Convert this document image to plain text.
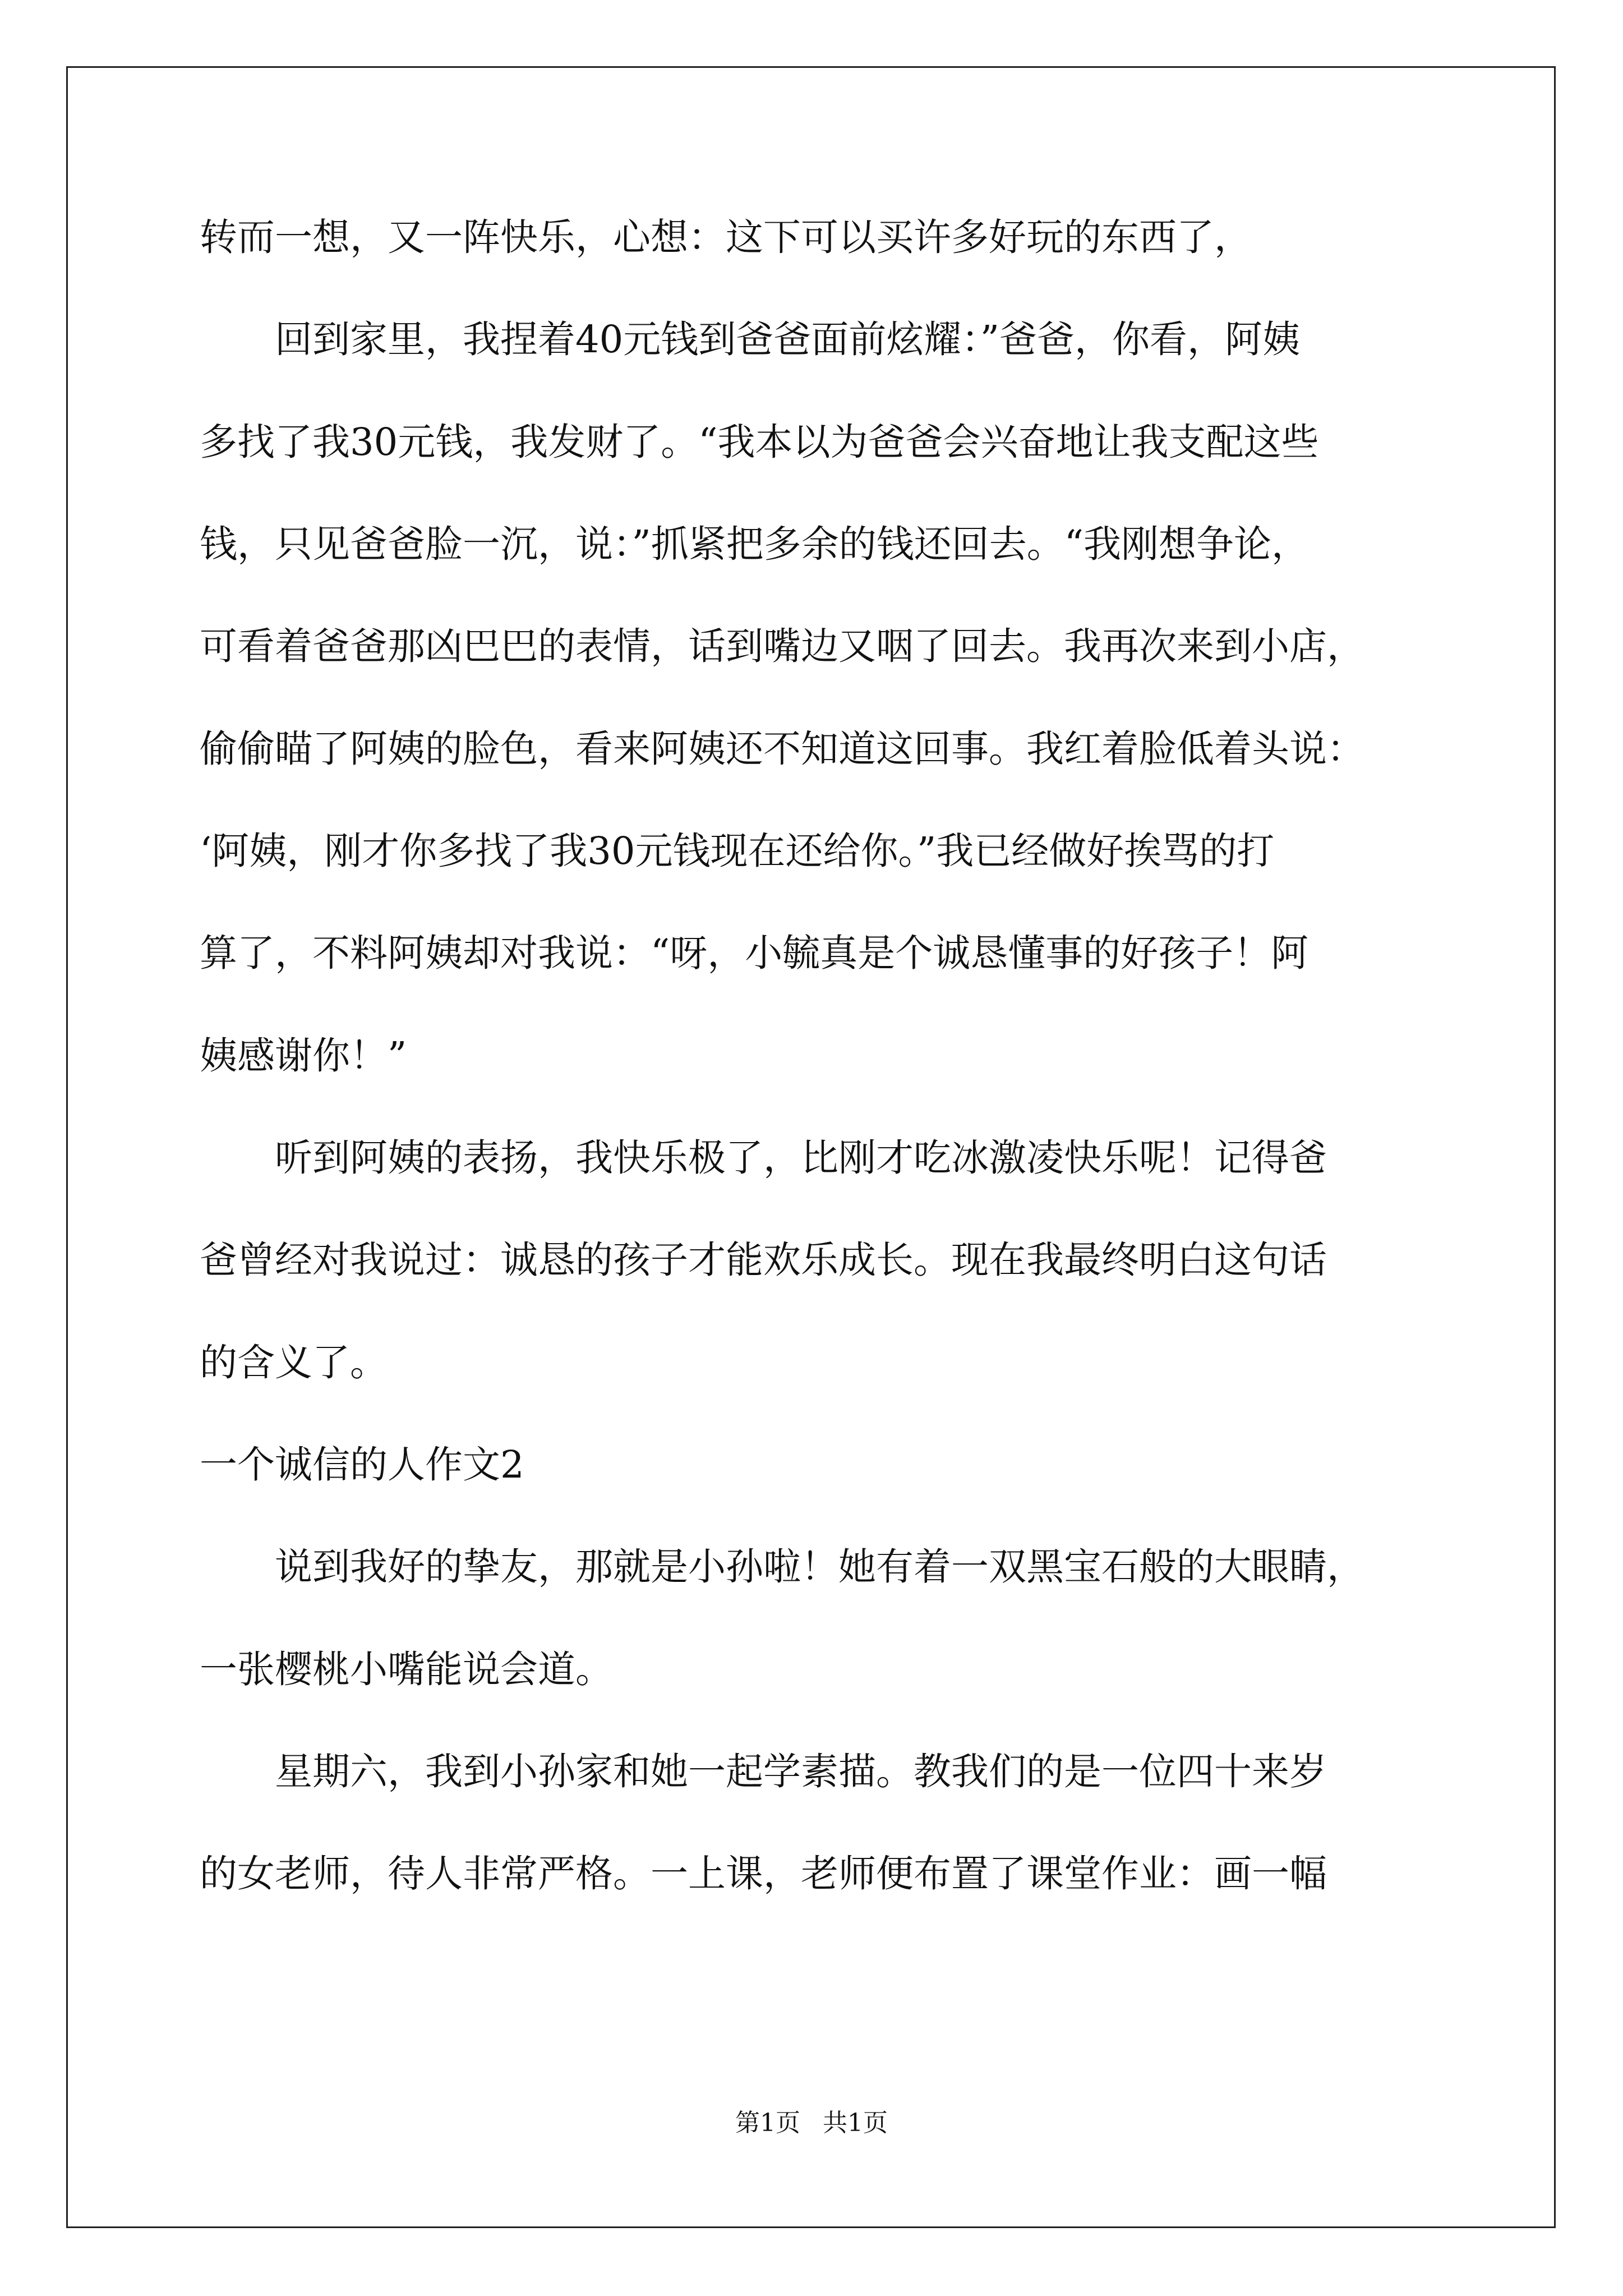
转而一想，又一阵快乐，心想：这下可以买许多好玩的东西了，
　　回到家里，我捏着40元钱到爸爸面前炫耀：”爸爸，你看，阿姨
多找了我30元钱，我发财了。“我本以为爸爸会兴奋地让我支配这些
钱，只见爸爸脸一沉，说：”抓紧把多余的钱还回去。“我刚想争论，
可看着爸爸那凶巴巴的表情，话到嘴边又咽了回去。我再次来到小店，
偷偷瞄了阿姨的脸色，看来阿姨还不知道这回事。我红着脸低着头说：
‘阿姨，刚才你多找了我30元钱现在还给你。”我已经做好挨骂的打
算了，不料阿姨却对我说：“呀，小毓真是个诚恳懂事的好孩子！阿
姨感谢你！”
　　听到阿姨的表扬，我快乐极了，比刚才吃冰激凌快乐呢！记得爸
爸曾经对我说过：诚恳的孩子才能欢乐成长。现在我最终明白这句话
的含义了。
一个诚信的人作文2
　　说到我好的挚友，那就是小孙啦！她有着一双黑宝石般的大眼睛，
一张樱桃小嘴能说会道。
　　星期六，我到小孙家和她一起学素描。教我们的是一位四十来岁
的女老师，待人非常严格。一上课，老师便布置了课堂作业：画一幅
第1页 共1页
